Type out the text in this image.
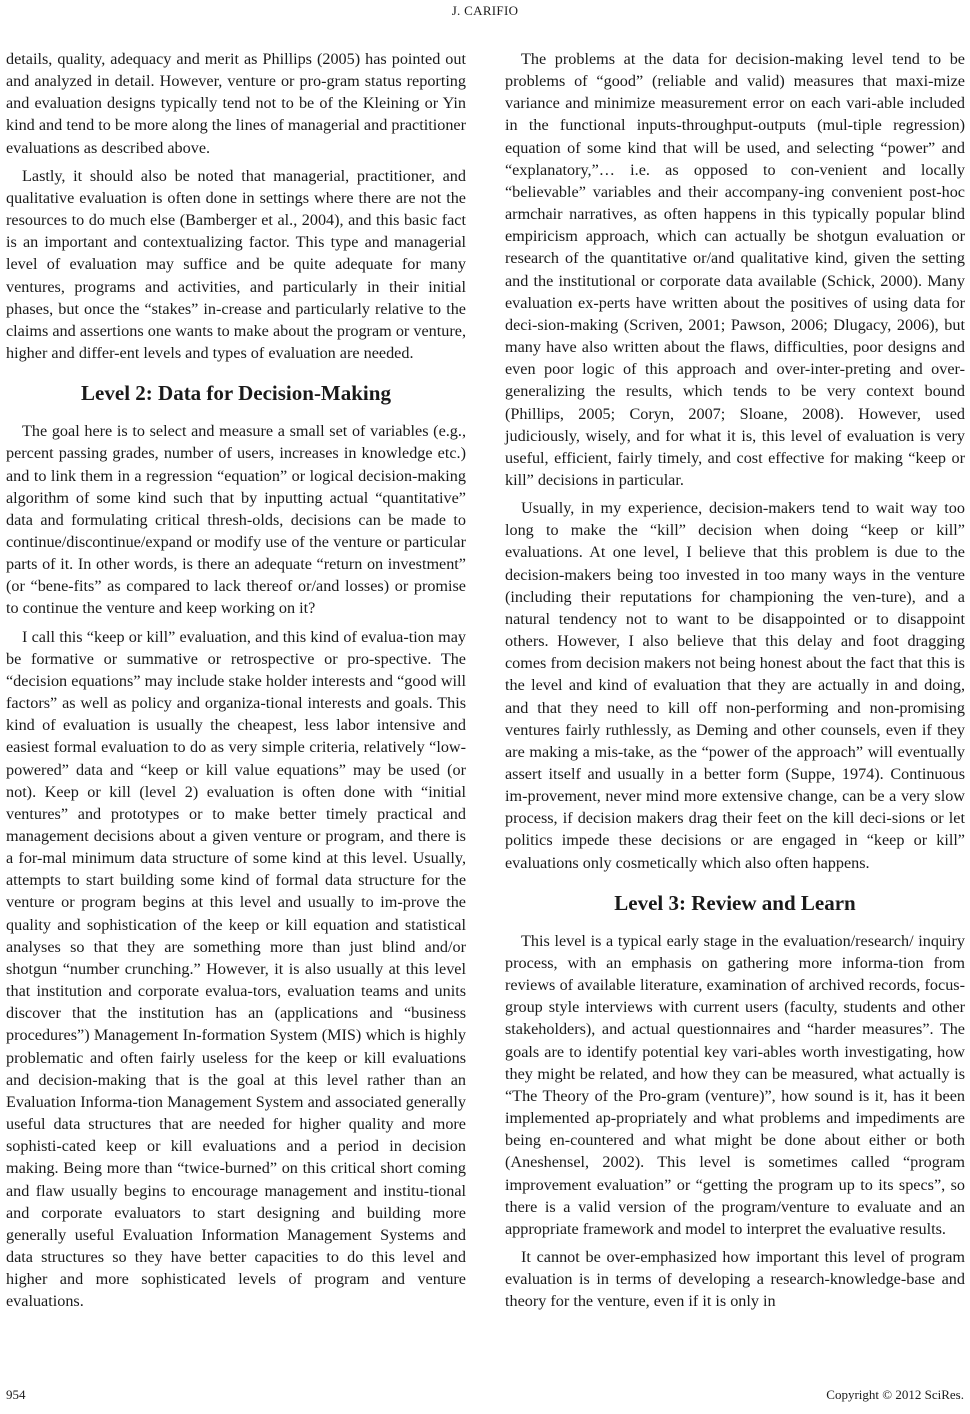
J. CARIFIO

details, quality, adequacy and merit as Phillips (2005) has pointed out and analyzed in detail. However, venture or pro-gram status reporting and evaluation designs typically tend not to be of the Kleining or Yin kind and tend to be more along the lines of managerial and practitioner evaluations as described above.

Lastly, it should also be noted that managerial, practitioner, and qualitative evaluation is often done in settings where there are not the resources to do much else (Bamberger et al., 2004), and this basic fact is an important and contextualizing factor. This type and managerial level of evaluation may suffice and be quite adequate for many ventures, programs and activities, and particularly in their initial phases, but once the “stakes” in-crease and particularly relative to the claims and assertions one wants to make about the program or venture, higher and differ-ent levels and types of evaluation are needed.

Level 2: Data for Decision-Making

The goal here is to select and measure a small set of variables (e.g., percent passing grades, number of users, increases in knowledge etc.) and to link them in a regression “equation” or logical decision-making algorithm of some kind such that by inputting actual “quantitative” data and formulating critical thresh-olds, decisions can be made to continue/discontinue/expand or modify use of the venture or particular parts of it. In other words, is there an adequate “return on investment” (or “bene-fits” as compared to lack thereof or/and losses) or promise to continue the venture and keep working on it?

I call this “keep or kill” evaluation, and this kind of evalua-tion may be formative or summative or retrospective or pro-spective. The “decision equations” may include stake holder interests and “good will factors” as well as policy and organiza-tional interests and goals. This kind of evaluation is usually the cheapest, less labor intensive and easiest formal evaluation to do as very simple criteria, relatively “low-powered” data and “keep or kill value equations” may be used (or not). Keep or kill (level 2) evaluation is often done with “initial ventures” and prototypes or to make better timely practical and management decisions about a given venture or program, and there is a for-mal minimum data structure of some kind at this level. Usually, attempts to start building some kind of formal data structure for the venture or program begins at this level and usually to im-prove the quality and sophistication of the keep or kill equation and statistical analyses so that they are something more than just blind and/or shotgun “number crunching.” However, it is also usually at this level that institution and corporate evalua-tors, evaluation teams and units discover that the institution has an (applications and “business procedures”) Management In-formation System (MIS) which is highly problematic and often fairly useless for the keep or kill evaluations and decision-making that is the goal at this level rather than an Evaluation Informa-tion Management System and associated generally useful data structures that are needed for higher quality and more sophisti-cated keep or kill evaluations and a period in decision making. Being more than “twice-burned” on this critical short coming and flaw usually begins to encourage management and institu-tional and corporate evaluators to start designing and building more generally useful Evaluation Information Management Systems and data structures so they have better capacities to do this level and higher and more sophisticated levels of program and venture evaluations.

The problems at the data for decision-making level tend to be problems of “good” (reliable and valid) measures that maxi-mize variance and minimize measurement error on each vari-able included in the functional inputs-throughput-outputs (mul-tiple regression) equation of some kind that will be used, and selecting “power” and “explanatory,”… i.e. as opposed to con-venient and locally “believable” variables and their accompany-ing convenient post-hoc armchair narratives, as often happens in this typically popular blind empiricism approach, which can actually be shotgun evaluation or research of the quantitative or/and qualitative kind, given the setting and the institutional or corporate data available (Schick, 2000). Many evaluation ex-perts have written about the positives of using data for deci-sion-making (Scriven, 2001; Pawson, 2006; Dlugacy, 2006), but many have also written about the flaws, difficulties, poor designs and even poor logic of this approach and over-inter-preting and over-generalizing the results, which tends to be very context bound (Phillips, 2005; Coryn, 2007; Sloane, 2008). However, used judiciously, wisely, and for what it is, this level of evaluation is very useful, efficient, fairly timely, and cost effective for making “keep or kill” decisions in particular.

Usually, in my experience, decision-makers tend to wait way too long to make the “kill” decision when doing “keep or kill” evaluations. At one level, I believe that this problem is due to the decision-makers being too invested in too many ways in the venture (including their reputations for championing the ven-ture), and a natural tendency not to want to be disappointed or to disappoint others. However, I also believe that this delay and foot dragging comes from decision makers not being honest about the fact that this is the level and kind of evaluation that they are actually in and doing, and that they need to kill off non-performing and non-promising ventures fairly ruthlessly, as Deming and other counsels, even if they are making a mis-take, as the “power of the approach” will eventually assert itself and usually in a better form (Suppe, 1974). Continuous im-provement, never mind more extensive change, can be a very slow process, if decision makers drag their feet on the kill deci-sions or let politics impede these decisions or are engaged in “keep or kill” evaluations only cosmetically which also often happens.

Level 3: Review and Learn

This level is a typical early stage in the evaluation/research/ inquiry process, with an emphasis on gathering more informa-tion from reviews of available literature, examination of archived records, focus-group style interviews with current users (faculty, students and other stakeholders), and actual questionnaires and “harder measures”. The goals are to identify potential key vari-ables worth investigating, how they might be related, and how they can be measured, what actually is “The Theory of the Pro-gram (venture)”, how sound is it, has it been implemented ap-propriately and what problems and impediments are being en-countered and what might be done about either or both (Aneshensel, 2002). This level is sometimes called “program improvement evaluation” or “getting the program up to its specs”, so there is a valid version of the program/venture to evaluate and an appropriate framework and model to interpret the evaluative results.

It cannot be over-emphasized how important this level of program evaluation is in terms of developing a research-knowledge-base and theory for the venture, even if it is only in

954	Copyright © 2012 SciRes.
